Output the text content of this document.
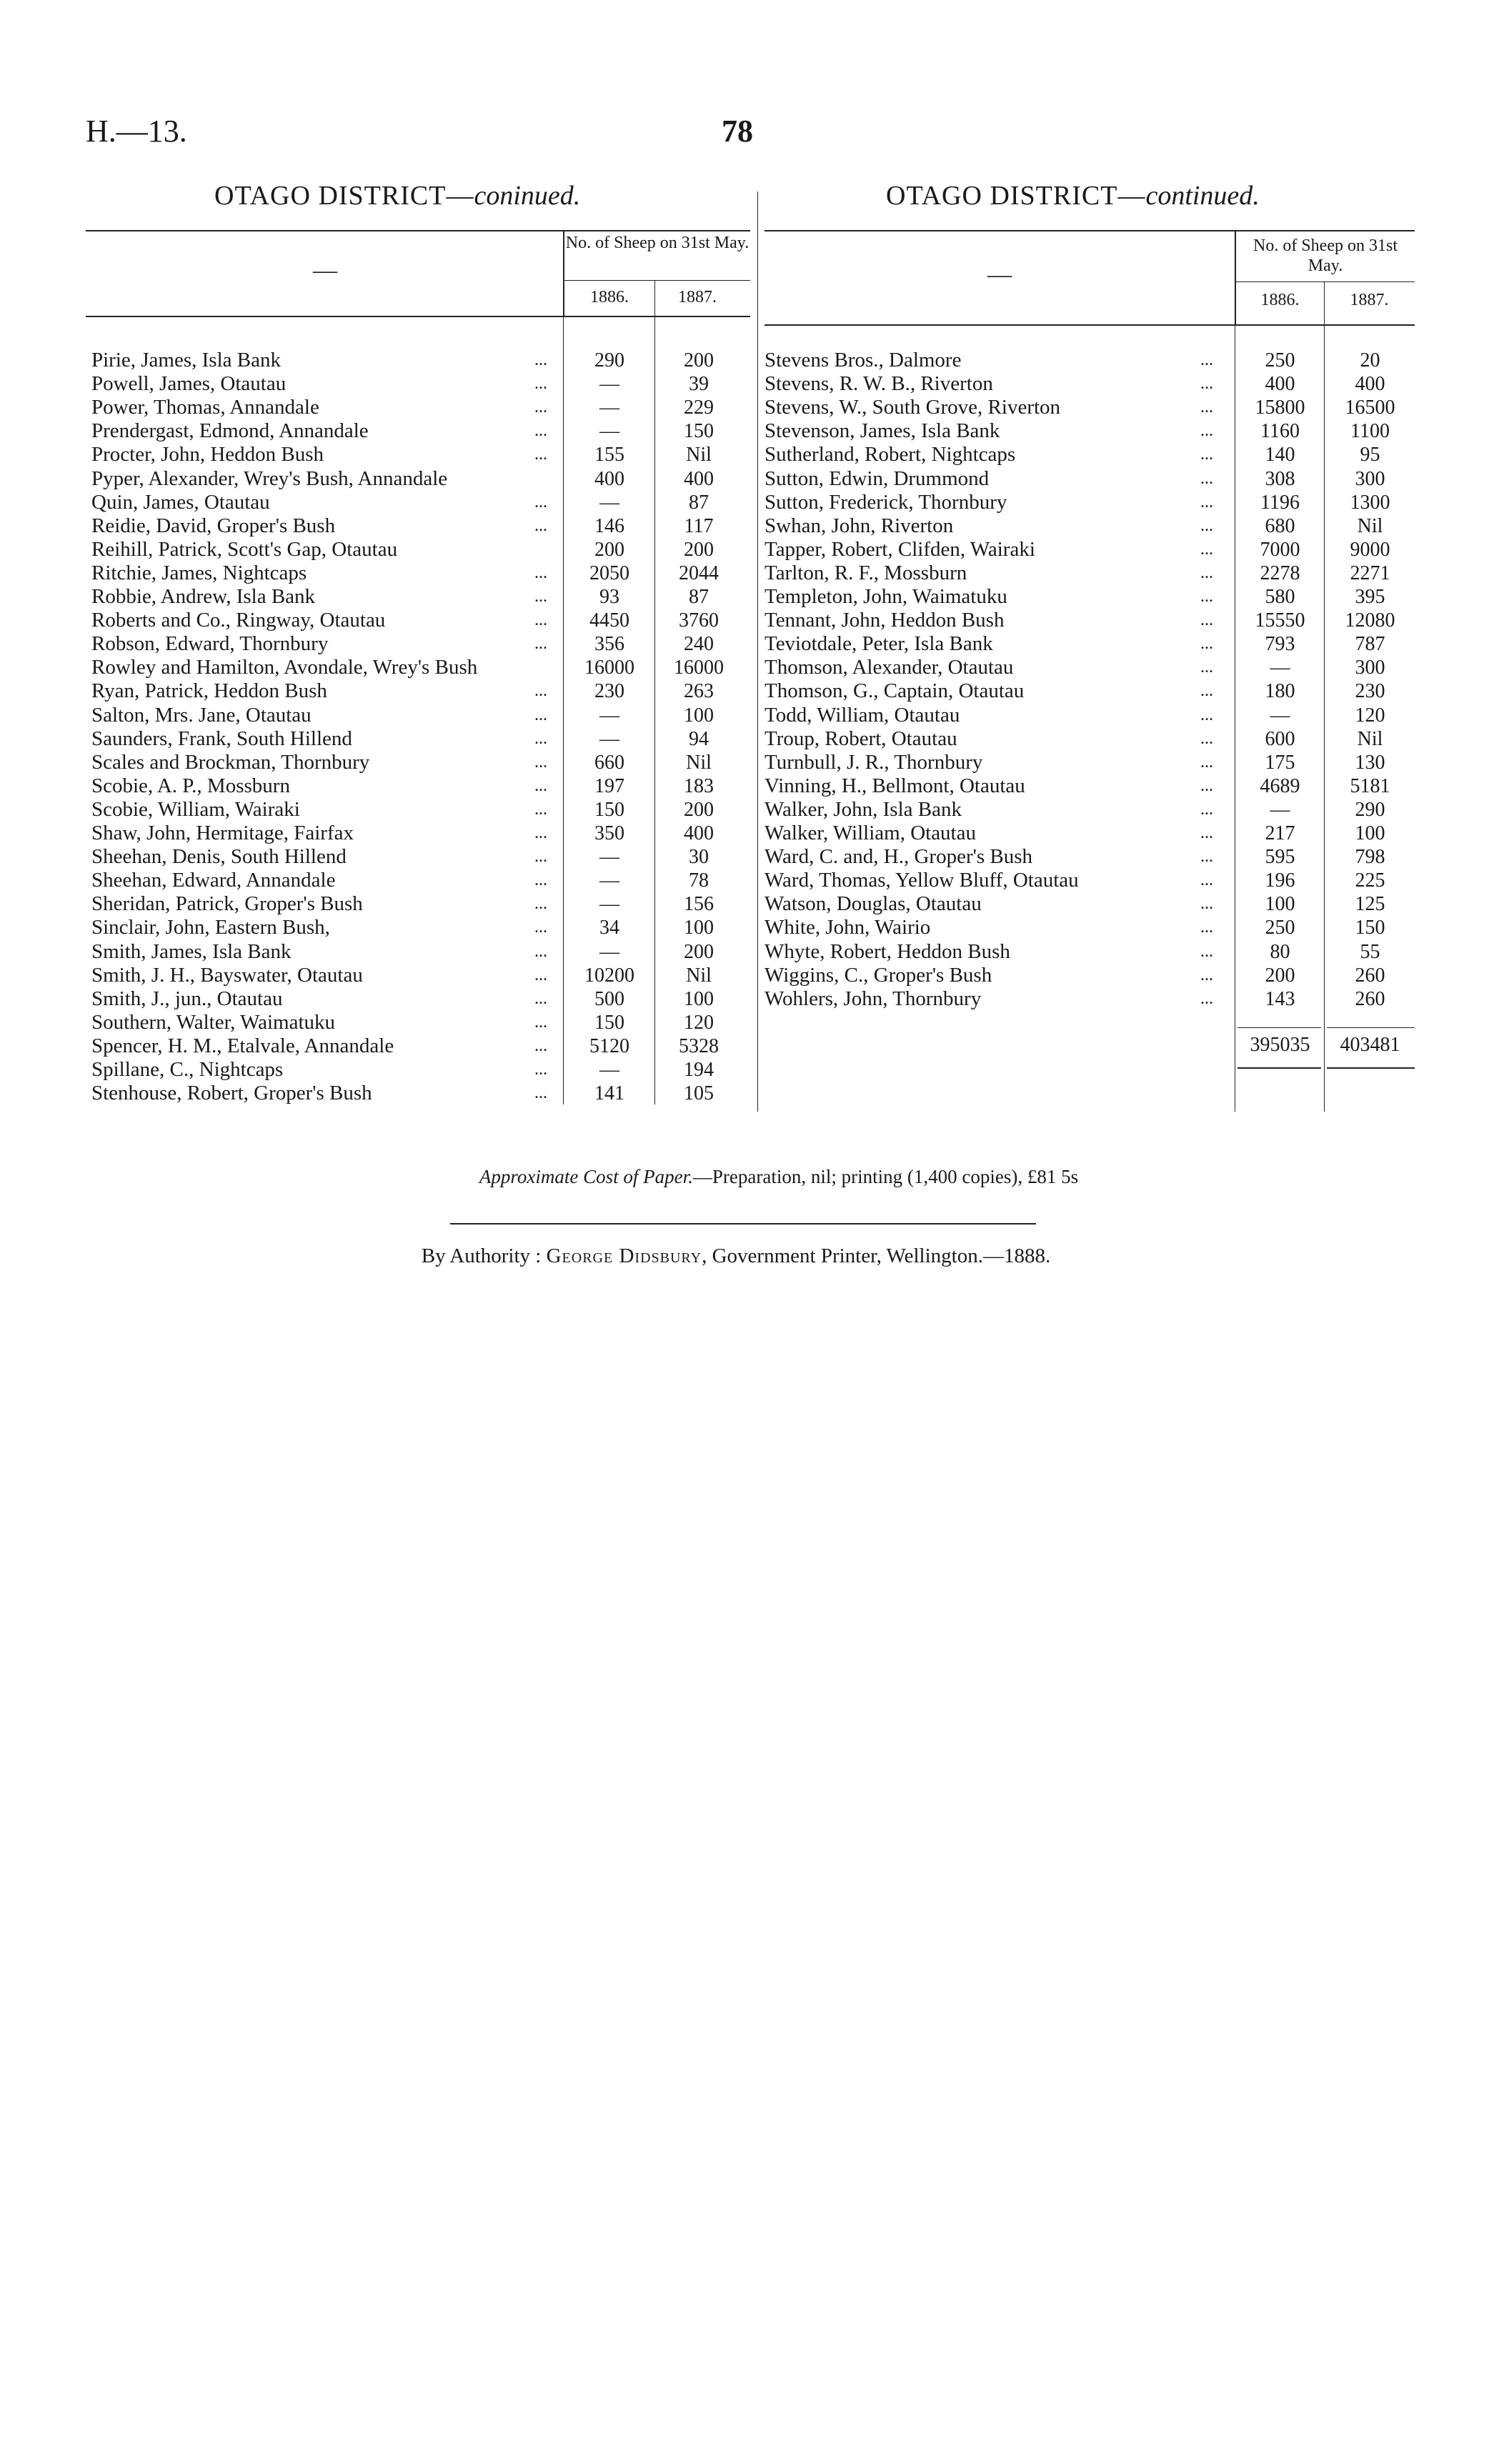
H.—13.	78
OTAGO DISTRICT—coninued.
No. of Sheep on 31st May.
1886.	1887.
—
Pirie, James, Isla Bank	...	290	200
Powell, James, Otautau	...	—	39
Power, Thomas, Annandale	...	—	229
Prendergast, Edmond, Annandale	...	—	150
Procter, John, Heddon Bush	...	155	Nil
Pyper, Alexander, Wrey's Bush, Annandale	400	400
Quin, James, Otautau	...	—	87
Reidie, David, Groper's Bush	...	146	117
Reihill, Patrick, Scott's Gap, Otautau	200	200
Ritchie, James, Nightcaps	...	2050	2044
Robbie, Andrew, Isla Bank	...	93	87
Roberts and Co., Ringway, Otautau	...	4450	3760
Robson, Edward, Thornbury	...	356	240
Rowley and Hamilton, Avondale, Wrey's Bush	16000	16000
Ryan, Patrick, Heddon Bush	...	230	263
Salton, Mrs. Jane, Otautau	...	—	100
Saunders, Frank, South Hillend	...	—	94
Scales and Brockman, Thornbury	...	660	Nil
Scobie, A. P., Mossburn	...	197	183
Scobie, William, Wairaki	...	150	200
Shaw, John, Hermitage, Fairfax	...	350	400
Sheehan, Denis, South Hillend	...	—	30
Sheehan, Edward, Annandale	...	—	78
Sheridan, Patrick, Groper's Bush	...	—	156
Sinclair, John, Eastern Bush,	...	34	100
Smith, James, Isla Bank	...	—	200
Smith, J. H., Bayswater, Otautau	...	10200	Nil
Smith, J., jun., Otautau	...	500	100
Southern, Walter, Waimatuku	...	150	120
Spencer, H. M., Etalvale, Annandale	...	5120	5328
Spillane, C., Nightcaps	...	—	194
Stenhouse, Robert, Groper's Bush	...	141	105
OTAGO DISTRICT—continued.
No. of Sheep on 31st May.
1886.	1887.
—
Stevens Bros., Dalmore	...	250	20
Stevens, R. W. B., Riverton	...	400	400
Stevens, W., South Grove, Riverton	...	15800	16500
Stevenson, James, Isla Bank	...	1160	1100
Sutherland, Robert, Nightcaps	...	140	95
Sutton, Edwin, Drummond	...	308	300
Sutton, Frederick, Thornbury	...	1196	1300
Swhan, John, Riverton	...	680	Nil
Tapper, Robert, Clifden, Wairaki	...	7000	9000
Tarlton, R. F., Mossburn	...	2278	2271
Templeton, John, Waimatuku	...	580	395
Tennant, John, Heddon Bush	...	15550	12080
Teviotdale, Peter, Isla Bank	...	793	787
Thomson, Alexander, Otautau	...	—	300
Thomson, G., Captain, Otautau	...	180	230
Todd, William, Otautau	...	—	120
Troup, Robert, Otautau	...	600	Nil
Turnbull, J. R., Thornbury	...	175	130
Vinning, H., Bellmont, Otautau	...	4689	5181
Walker, John, Isla Bank	...	—	290
Walker, William, Otautau	...	217	100
Ward, C. and, H., Groper's Bush	...	595	798
Ward, Thomas, Yellow Bluff, Otautau	...	196	225
Watson, Douglas, Otautau	...	100	125
White, John, Wairio	...	250	150
Whyte, Robert, Heddon Bush	...	80	55
Wiggins, C., Groper's Bush	...	200	260
Wohlers, John, Thornbury	...	143	260
395035	403481
Approximate Cost of Paper.—Preparation, nil; printing (1,400 copies), £81 5s
By Authority : George Didsbury, Government Printer, Wellington.—1888.
